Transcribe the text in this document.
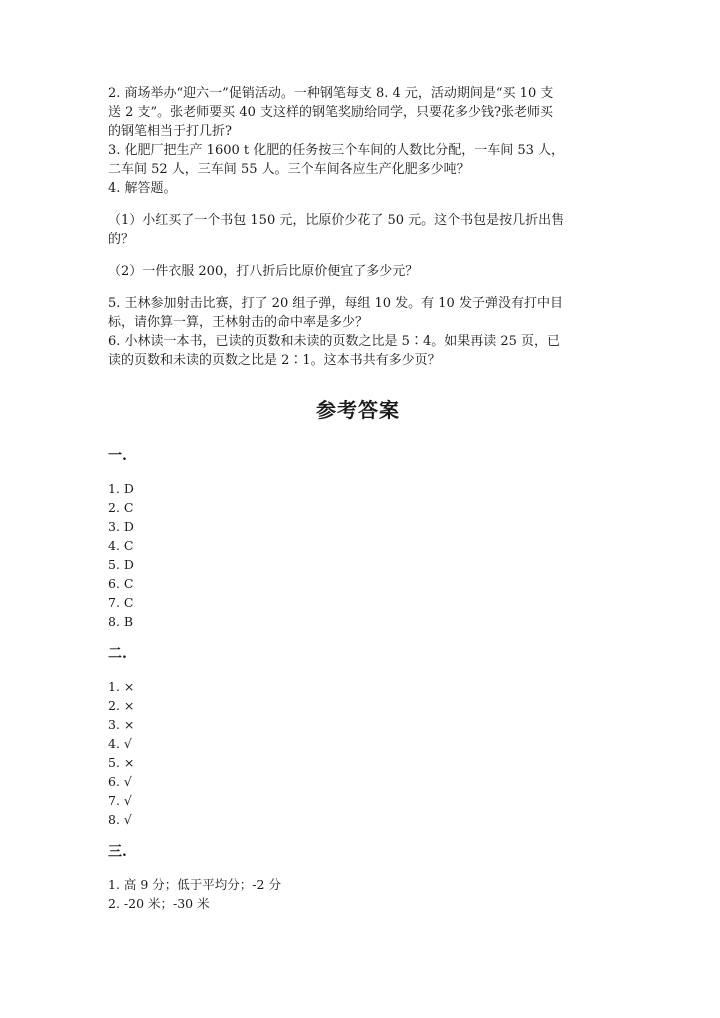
2. 商场举办“迎六一”促销活动。一种钢笔每支 8. 4 元，活动期间是“买 10 支
送 2 支”。张老师要买 40 支这样的钢笔奖励给同学，只要花多少钱?张老师买
的钢笔相当于打几折?
3. 化肥厂把生产 1600 t 化肥的任务按三个车间的人数比分配，一车间 53 人，
二车间 52 人，三车间 55 人。三个车间各应生产化肥多少吨？
4. 解答题。
（1）小红买了一个书包 150 元，比原价少花了 50 元。这个书包是按几折出售
的？
（2）一件衣服 200，打八折后比原价便宜了多少元？
5. 王林参加射击比赛，打了 20 组子弹，每组 10 发。有 10 发子弹没有打中目
标，请你算一算，王林射击的命中率是多少？
6. 小林读一本书，已读的页数和未读的页数之比是 5∶4。如果再读 25 页，已
读的页数和未读的页数之比是 2∶1。这本书共有多少页？
参考答案
一.
1. D
2. C
3. D
4. C
5. D
6. C
7. C
8. B
二.
1. ×
2. ×
3. ×
4. √
5. ×
6. √
7. √
8. √
三.
1. 高 9 分；低于平均分；-2 分
2. -20 米；-30 米
